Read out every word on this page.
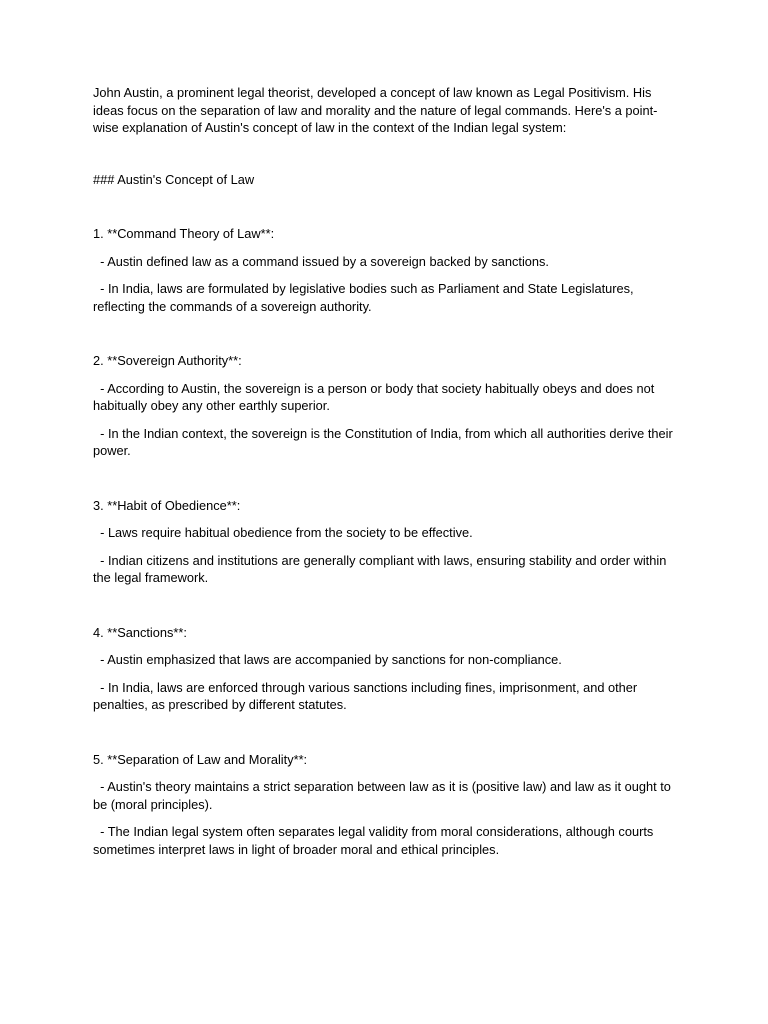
John Austin, a prominent legal theorist, developed a concept of law known as Legal Positivism. His ideas focus on the separation of law and morality and the nature of legal commands. Here's a point-wise explanation of Austin's concept of law in the context of the Indian legal system:

### Austin's Concept of Law

1. **Command Theory of Law**:

- Austin defined law as a command issued by a sovereign backed by sanctions.

- In India, laws are formulated by legislative bodies such as Parliament and State Legislatures, reflecting the commands of a sovereign authority.

2. **Sovereign Authority**:

- According to Austin, the sovereign is a person or body that society habitually obeys and does not habitually obey any other earthly superior.

- In the Indian context, the sovereign is the Constitution of India, from which all authorities derive their power.

3. **Habit of Obedience**:

- Laws require habitual obedience from the society to be effective.

- Indian citizens and institutions are generally compliant with laws, ensuring stability and order within the legal framework.

4. **Sanctions**:

- Austin emphasized that laws are accompanied by sanctions for non-compliance.

- In India, laws are enforced through various sanctions including fines, imprisonment, and other penalties, as prescribed by different statutes.

5. **Separation of Law and Morality**:

- Austin's theory maintains a strict separation between law as it is (positive law) and law as it ought to be (moral principles).

- The Indian legal system often separates legal validity from moral considerations, although courts sometimes interpret laws in light of broader moral and ethical principles.
